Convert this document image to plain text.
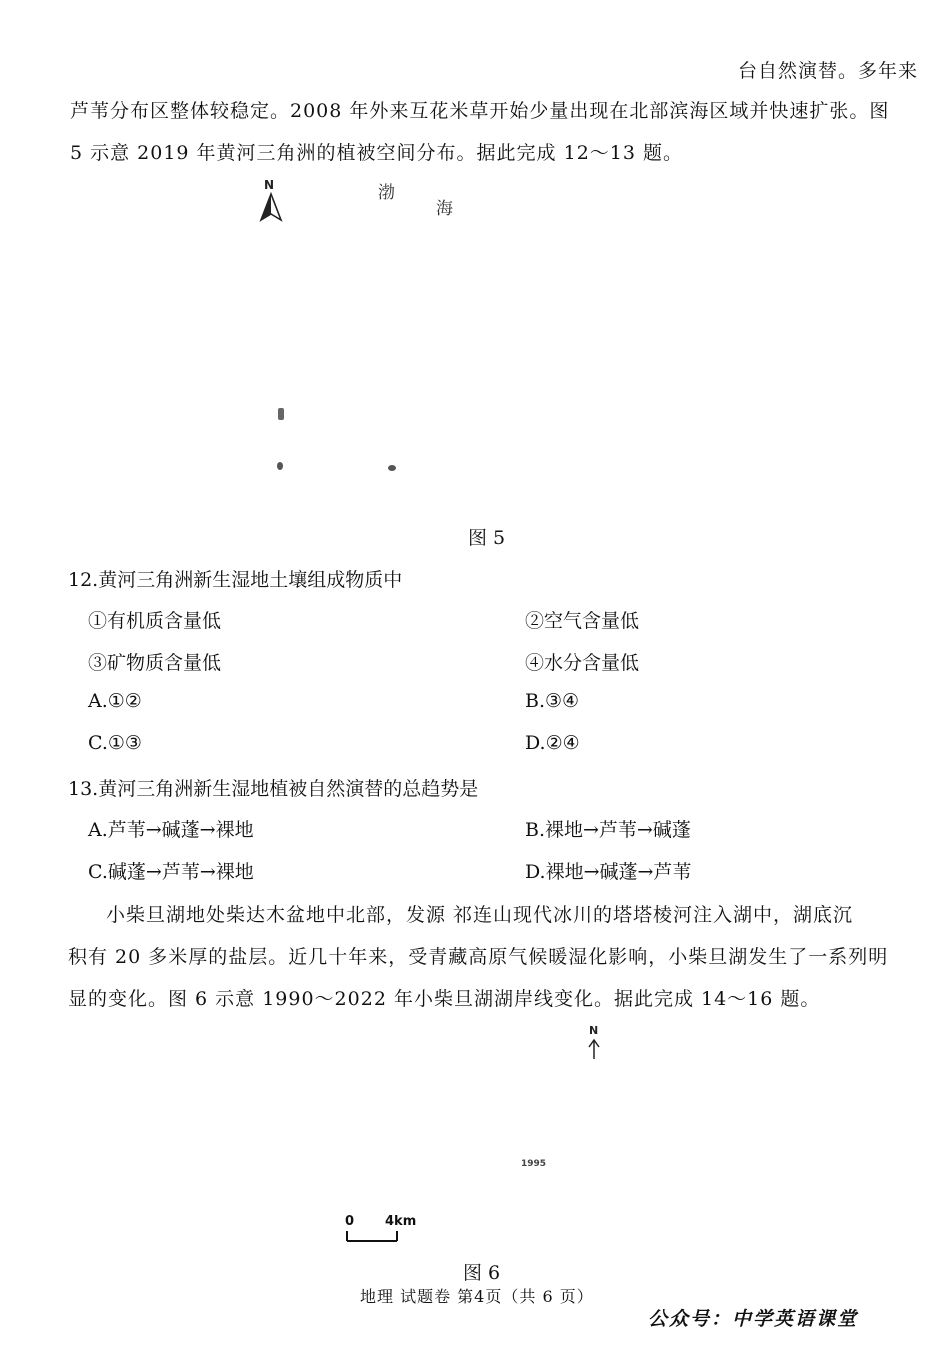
台自然演替。多年来
芦苇分布区整体较稳定。2008 年外来互花米草开始少量出现在北部滨海区域并快速扩张。图
5 示意 2019 年黄河三角洲的植被空间分布。据此完成 12～13 题。
N	渤
海
图 5
12.黄河三角洲新生湿地土壤组成物质中
①有机质含量低	②空气含量低
③矿物质含量低	④水分含量低
A.①②	B.③④
C.①③	D.②④
13.黄河三角洲新生湿地植被自然演替的总趋势是
A.芦苇→碱蓬→裸地	B.裸地→芦苇→碱蓬
C.碱蓬→芦苇→裸地	D.裸地→碱蓬→芦苇
小柴旦湖地处柴达木盆地中北部，发源 祁连山现代冰川的塔塔棱河注入湖中，湖底沉
积有 20 多米厚的盐层。近几十年来，受青藏高原气候暖湿化影响，小柴旦湖发生了一系列明
显的变化。图 6 示意 1990～2022 年小柴旦湖湖岸线变化。据此完成 14～16 题。
N
1995
0 4km
图 6
地理 试题卷 第4页（共 6 页）
公众号：中学英语课堂
